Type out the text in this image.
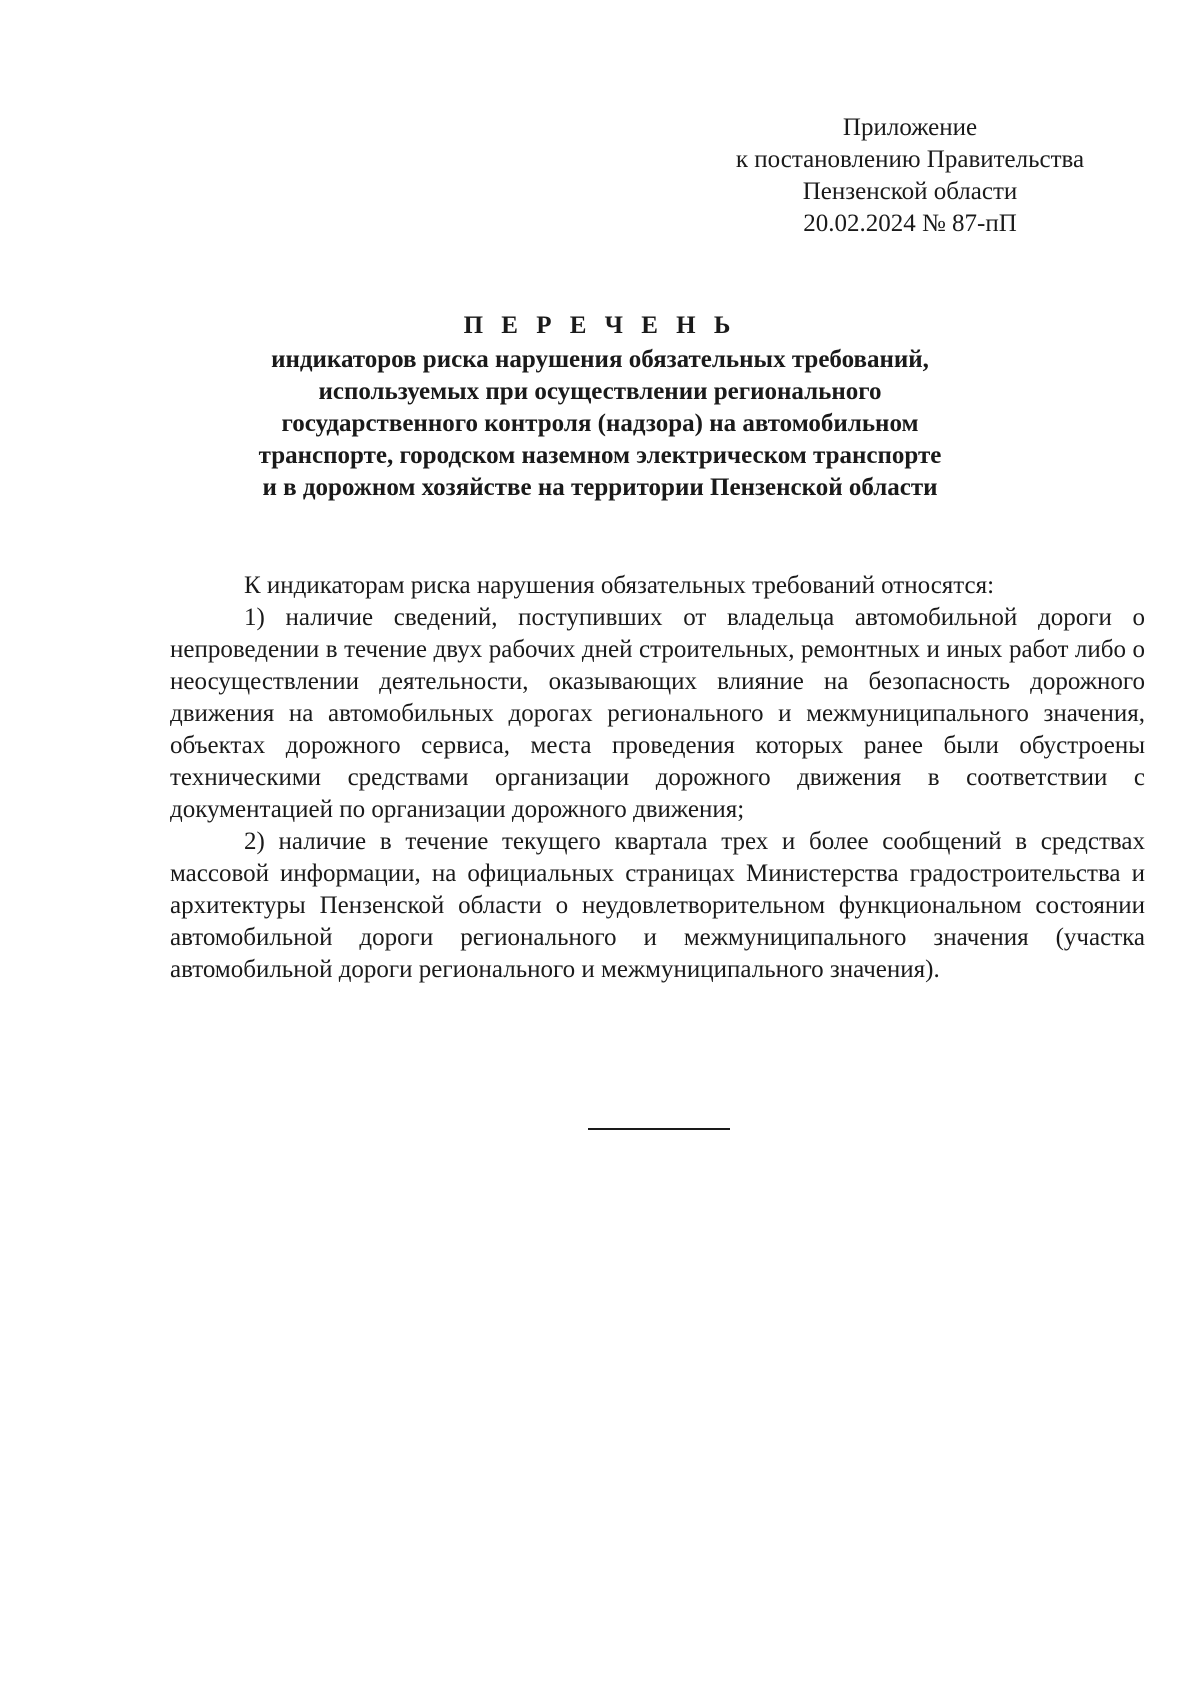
Приложение
к постановлению Правительства
Пензенской области
20.02.2024 № 87-пП
П Е Р Е Ч Е Н Ь
индикаторов риска нарушения обязательных требований,
используемых при осуществлении регионального
государственного контроля (надзора) на автомобильном
транспорте, городском наземном электрическом транспорте
и в дорожном хозяйстве на территории Пензенской области

К индикаторам риска нарушения обязательных требований относятся:

1) наличие сведений, поступивших от владельца автомобильной дороги о непроведении в течение двух рабочих дней строительных, ремонтных и иных работ либо о неосуществлении деятельности, оказывающих влияние на безопасность дорожного движения на автомобильных дорогах регионального и межмуниципального значения, объектах дорожного сервиса, места проведения которых ранее были обустроены техническими средствами организации дорожного движения в соответствии с документацией по организации дорожного движения;

2) наличие в течение текущего квартала трех и более сообщений в средствах массовой информации, на официальных страницах Министерства градостроительства и архитектуры Пензенской области о неудовлетворительном функциональном состоянии автомобильной дороги регионального и межмуниципального значения (участка автомобильной дороги регионального и межмуниципального значения).
